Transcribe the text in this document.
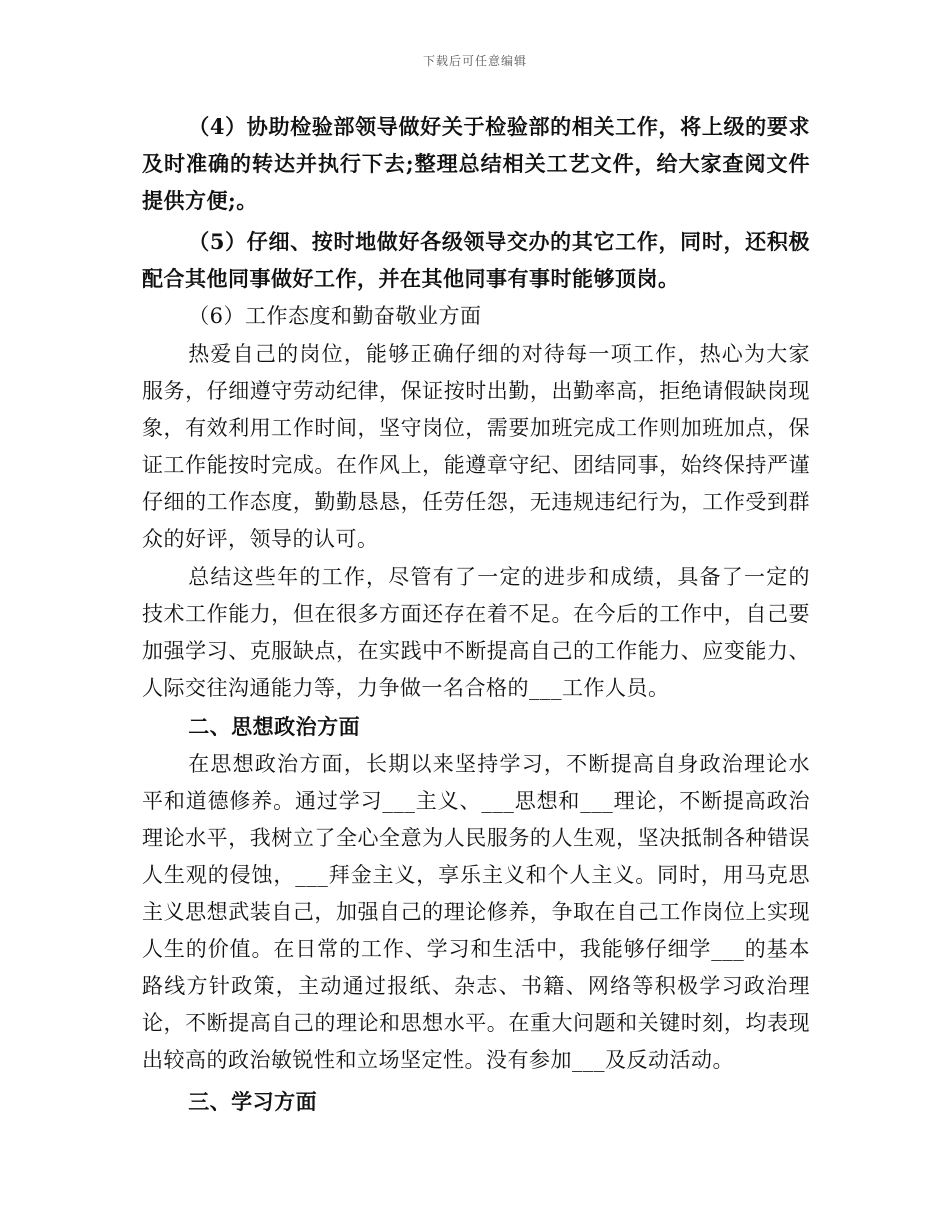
下载后可任意编辑

（4）协助检验部领导做好关于检验部的相关工作，将上级的要求及时准确的转达并执行下去;整理总结相关工艺文件，给大家查阅文件提供方便;。

（5）仔细、按时地做好各级领导交办的其它工作，同时，还积极配合其他同事做好工作，并在其他同事有事时能够顶岗。

（6）工作态度和勤奋敬业方面

热爱自己的岗位，能够正确仔细的对待每一项工作，热心为大家服务，仔细遵守劳动纪律，保证按时出勤，出勤率高，拒绝请假缺岗现象，有效利用工作时间，坚守岗位，需要加班完成工作则加班加点，保证工作能按时完成。在作风上，能遵章守纪、团结同事，始终保持严谨仔细的工作态度，勤勤恳恳，任劳任怨，无违规违纪行为，工作受到群众的好评，领导的认可。

总结这些年的工作，尽管有了一定的进步和成绩，具备了一定的技术工作能力，但在很多方面还存在着不足。在今后的工作中，自己要加强学习、克服缺点，在实践中不断提高自己的工作能力、应变能力、人际交往沟通能力等，力争做一名合格的___工作人员。

二、思想政治方面

在思想政治方面，长期以来坚持学习，不断提高自身政治理论水平和道德修养。通过学习___主义、___思想和___理论，不断提高政治理论水平，我树立了全心全意为人民服务的人生观，坚决抵制各种错误人生观的侵蚀，___拜金主义，享乐主义和个人主义。同时，用马克思主义思想武装自己，加强自己的理论修养，争取在自己工作岗位上实现人生的价值。在日常的工作、学习和生活中，我能够仔细学___的基本路线方针政策，主动通过报纸、杂志、书籍、网络等积极学习政治理论，不断提高自己的理论和思想水平。在重大问题和关键时刻，均表现出较高的政治敏锐性和立场坚定性。没有参加___及反动活动。

三、学习方面
